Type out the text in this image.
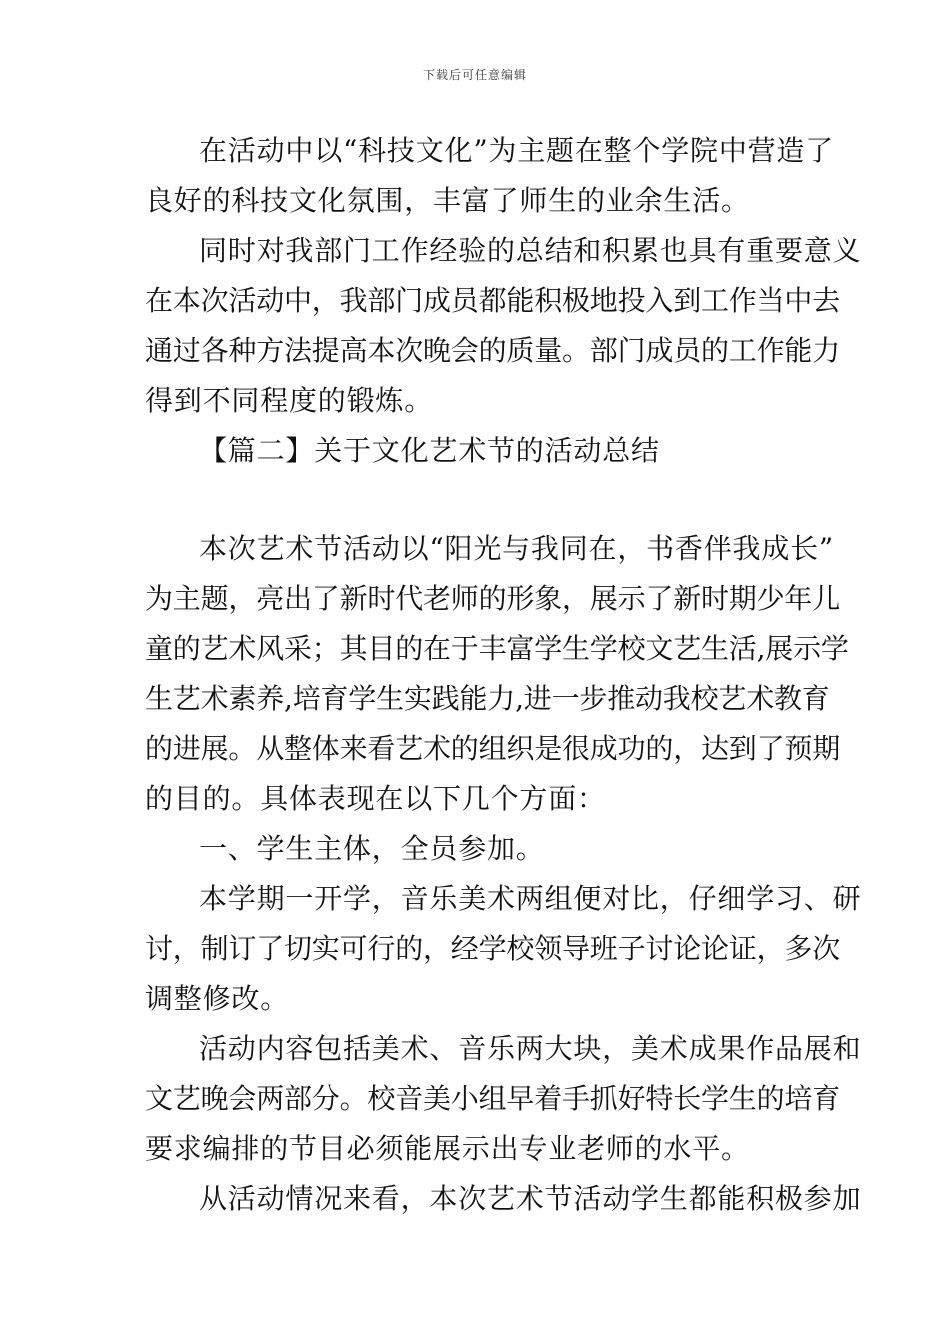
下载后可任意编辑
在活动中以“科技文化”为主题在整个学院中营造了
良好的科技文化氛围，丰富了师生的业余生活。
同时对我部门工作经验的总结和积累也具有重要意义
在本次活动中，我部门成员都能积极地投入到工作当中去
通过各种方法提高本次晚会的质量。部门成员的工作能力
得到不同程度的锻炼。
【篇二】关于文化艺术节的活动总结
本次艺术节活动以“阳光与我同在，书香伴我成长”
为主题，亮出了新时代老师的形象，展示了新时期少年儿
童的艺术风采；其目的在于丰富学生学校文艺生活,展示学
生艺术素养,培育学生实践能力,进一步推动我校艺术教育
的进展。从整体来看艺术的组织是很成功的，达到了预期
的目的。具体表现在以下几个方面：
一、学生主体，全员参加。
本学期一开学，音乐美术两组便对比，仔细学习、研
讨，制订了切实可行的，经学校领导班子讨论论证，多次
调整修改。
活动内容包括美术、音乐两大块，美术成果作品展和
文艺晚会两部分。校音美小组早着手抓好特长学生的培育
要求编排的节目必须能展示出专业老师的水平。
从活动情况来看，本次艺术节活动学生都能积极参加
